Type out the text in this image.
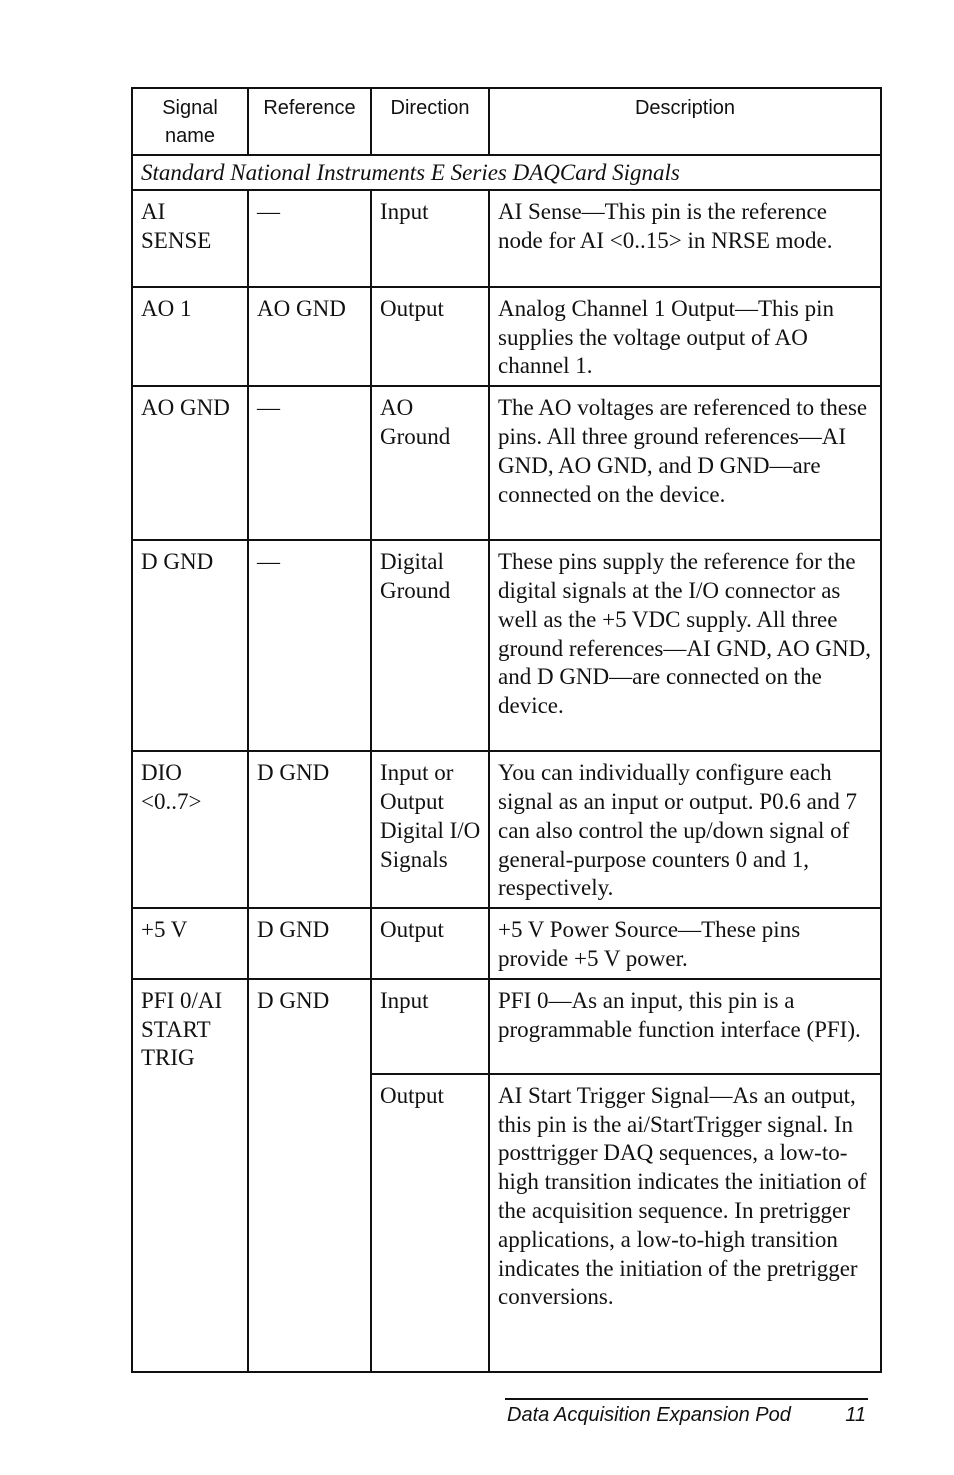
Signal name	Reference	Direction	Description
Standard National Instruments E Series DAQCard Signals			
AI SENSE	—	Input	AI Sense—This pin is the reference node for AI <0..15> in NRSE mode.
AO 1	AO GND	Output	Analog Channel 1 Output—This pin supplies the voltage output of AO channel 1.
AO GND	—	AO Ground	The AO voltages are referenced to these pins. All three ground references—AI GND, AO GND, and D GND—are connected on the device.
D GND	—	Digital Ground	These pins supply the reference for the digital signals at the I/O connector as well as the +5 VDC supply. All three ground references—AI GND, AO GND, and D GND—are connected on the device.
DIO <0..7>	D GND	Input or Output Digital I/O Signals	You can individually configure each signal as an input or output. P0.6 and 7 can also control the up/down signal of general-purpose counters 0 and 1, respectively.
+5 V	D GND	Output	+5 V Power Source—These pins provide +5 V power.
PFI 0/AI START TRIG	D GND	Input	PFI 0—As an input, this pin is a programmable function interface (PFI).
		Output	AI Start Trigger Signal—As an output, this pin is the ai/StartTrigger signal. In posttrigger DAQ sequences, a low-to-high transition indicates the initiation of the acquisition sequence. In pretrigger applications, a low-to-high transition indicates the initiation of the pretrigger conversions.
Data Acquisition Expansion Pod	11
